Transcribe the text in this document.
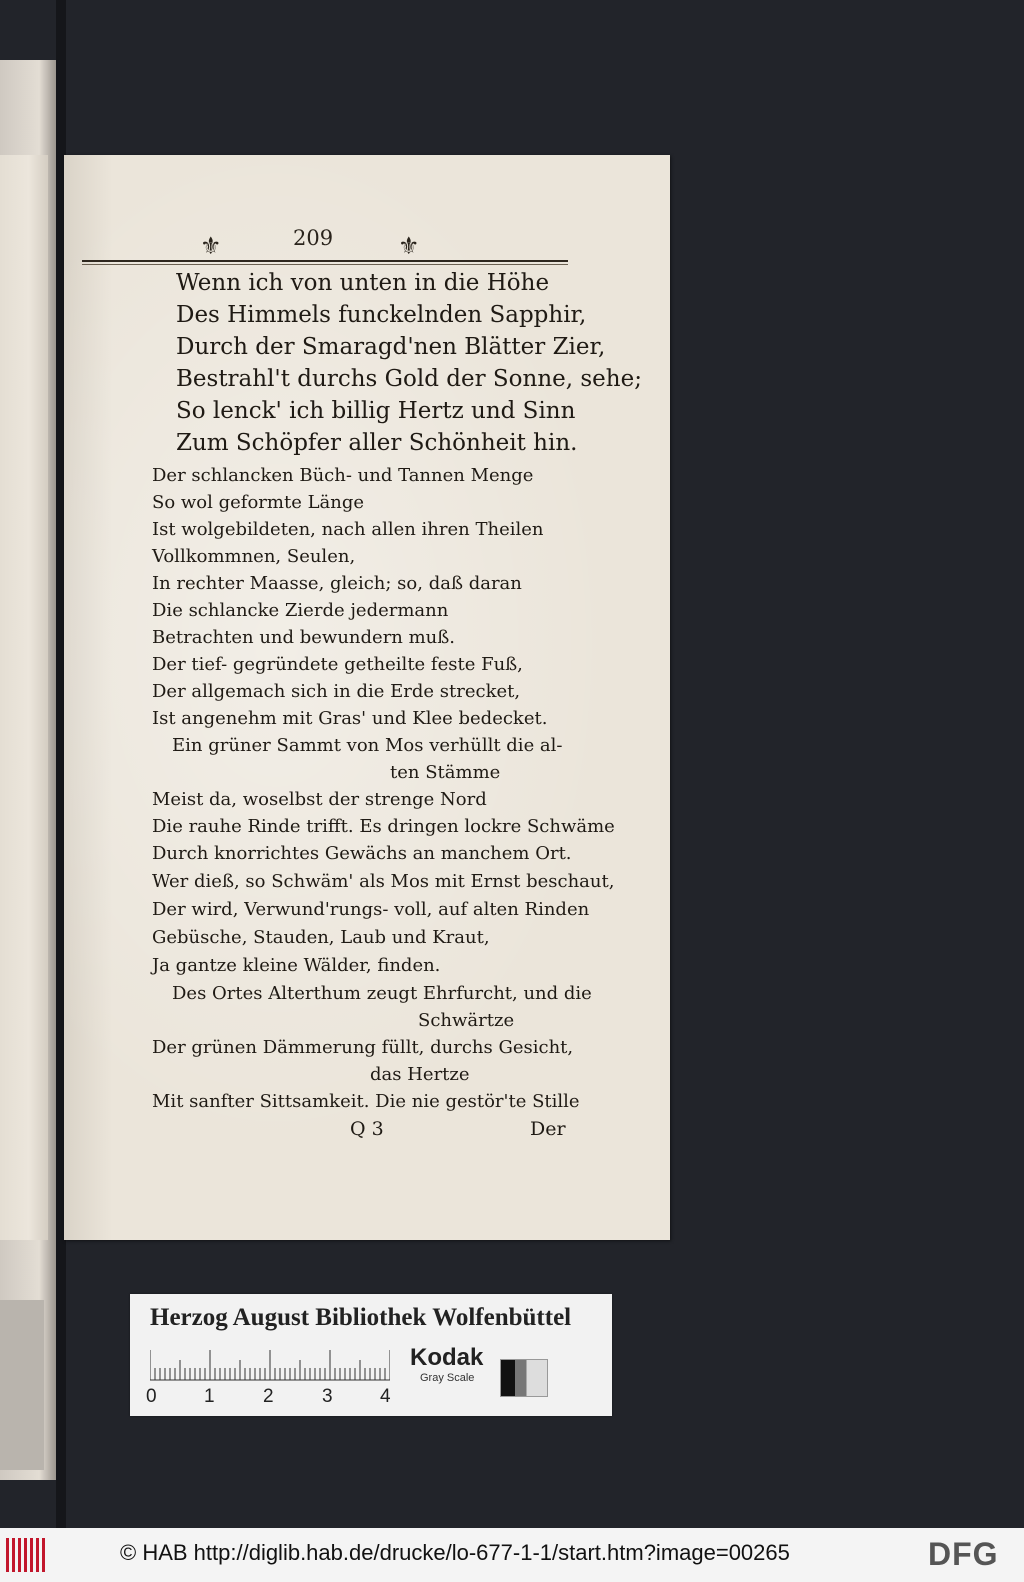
⚜	209	⚜
Wenn ich von unten in die Höhe
Des Himmels funckelnden Sapphir,
Durch der Smaragd'nen Blätter Zier,
Bestrahl't durchs Gold der Sonne, sehe;
So lenck' ich billig Hertz und Sinn
Zum Schöpfer aller Schönheit hin.
Der schlancken Büch- und Tannen Menge
So wol geformte Länge
Ist wolgebildeten, nach allen ihren Theilen
Vollkommnen, Seulen,
In rechter Maasse, gleich; so, daß daran
Die schlancke Zierde jedermann
Betrachten und bewundern muß.
Der tief- gegründete getheilte feste Fuß,
Der allgemach sich in die Erde strecket,
Ist angenehm mit Gras' und Klee bedecket.
Ein grüner Sammt von Mos verhüllt die al-
ten Stämme
Meist da, woselbst der strenge Nord
Die rauhe Rinde trifft. Es dringen lockre Schwäme
Durch knorrichtes Gewächs an manchem Ort.
Wer dieß, so Schwäm' als Mos mit Ernst beschaut,
Der wird, Verwund'rungs- voll, auf alten Rinden
Gebüsche, Stauden, Laub und Kraut,
Ja gantze kleine Wälder, finden.
Des Ortes Alterthum zeugt Ehrfurcht, und die
Schwärtze
Der grünen Dämmerung füllt, durchs Gesicht,
das Hertze
Mit sanfter Sittsamkeit. Die nie gestör'te Stille
Q 3	Der
Herzog August Bibliothek Wolfenbüttel
0 1	2	3 4
Kodak
Gray Scale
© HAB http://diglib.hab.de/drucke/lo-677-1-1/start.htm?image=00265	DFG
